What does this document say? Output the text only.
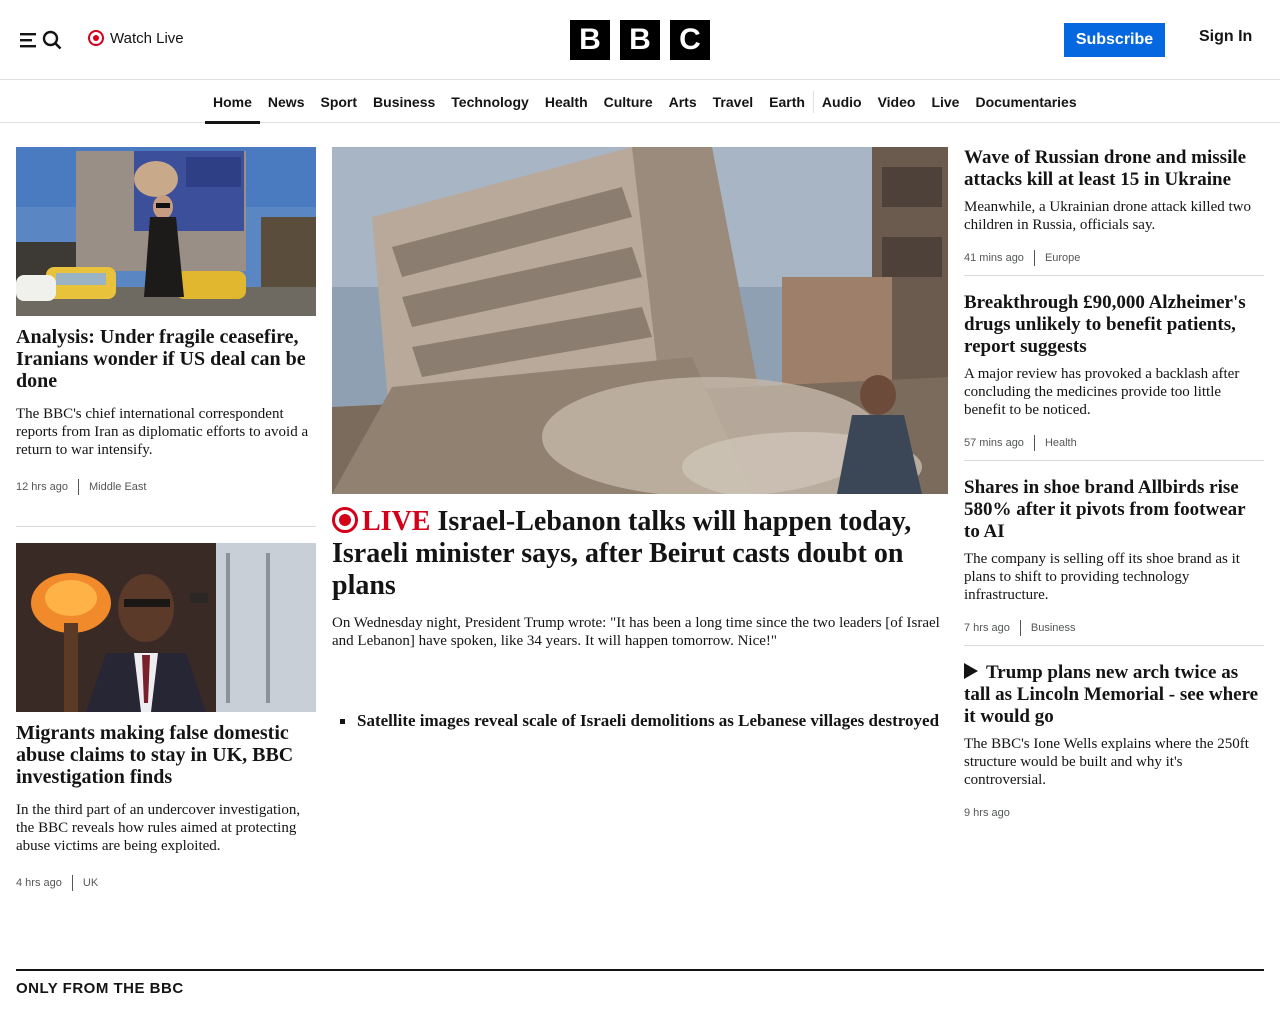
Watch Live	B B C	Subscribe	Sign In
Home	News	Sport	Business	Technology	Health	Culture	Arts	Travel	Earth	Audio	Video	Live	Documentaries
Analysis: Under fragile ceasefire, Iranians wonder if US deal can be done

The BBC's chief international correspondent reports from Iran as diplomatic efforts to avoid a return to war intensify.

12 hrs ago Middle East
Migrants making false domestic abuse claims to stay in UK, BBC investigation finds

In the third part of an undercover investigation, the BBC reveals how rules aimed at protecting abuse victims are being exploited.

4 hrs ago UK
LIVE Israel-Lebanon talks will happen today, Israeli minister says, after Beirut casts doubt on plans

On Wednesday night, President Trump wrote: "It has been a long time since the two leaders [of Israel and Lebanon] have spoken, like 34 years. It will happen tomorrow. Nice!"

Satellite images reveal scale of Israeli demolitions as Lebanese villages destroyed
Wave of Russian drone and missile attacks kill at least 15 in Ukraine

Meanwhile, a Ukrainian drone attack killed two children in Russia, officials say.

41 mins ago Europe
Breakthrough £90,000 Alzheimer's drugs unlikely to benefit patients, report suggests

A major review has provoked a backlash after concluding the medicines provide too little benefit to be noticed.

57 mins ago Health
Shares in shoe brand Allbirds rise 580% after it pivots from footwear to AI

The company is selling off its shoe brand as it plans to shift to providing technology infrastructure.

7 hrs ago Business
Trump plans new arch twice as tall as Lincoln Memorial - see where it would go

The BBC's Ione Wells explains where the 250ft structure would be built and why it's controversial.

9 hrs ago
ONLY FROM THE BBC
